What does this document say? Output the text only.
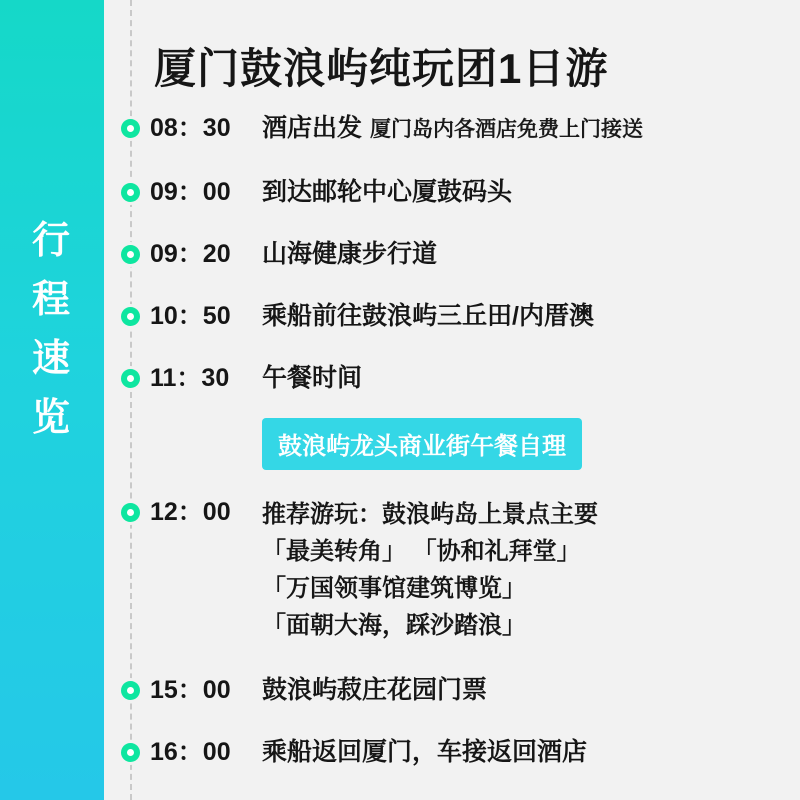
行
程
速
览
厦门鼓浪屿纯玩团1日游
08：30	酒店出发 厦门岛内各酒店免费上门接送
09：00	到达邮轮中心厦鼓码头
09：20	山海健康步行道
10：50	乘船前往鼓浪屿三丘田/内厝澳
11：30	午餐时间
鼓浪屿龙头商业街午餐自理
12：00	推荐游玩：鼓浪屿岛上景点主要
「最美转角」 「协和礼拜堂」
「万国领事馆建筑博览」
「面朝大海，踩沙踏浪」
15：00	鼓浪屿菽庄花园门票
16：00	乘船返回厦门，车接返回酒店
